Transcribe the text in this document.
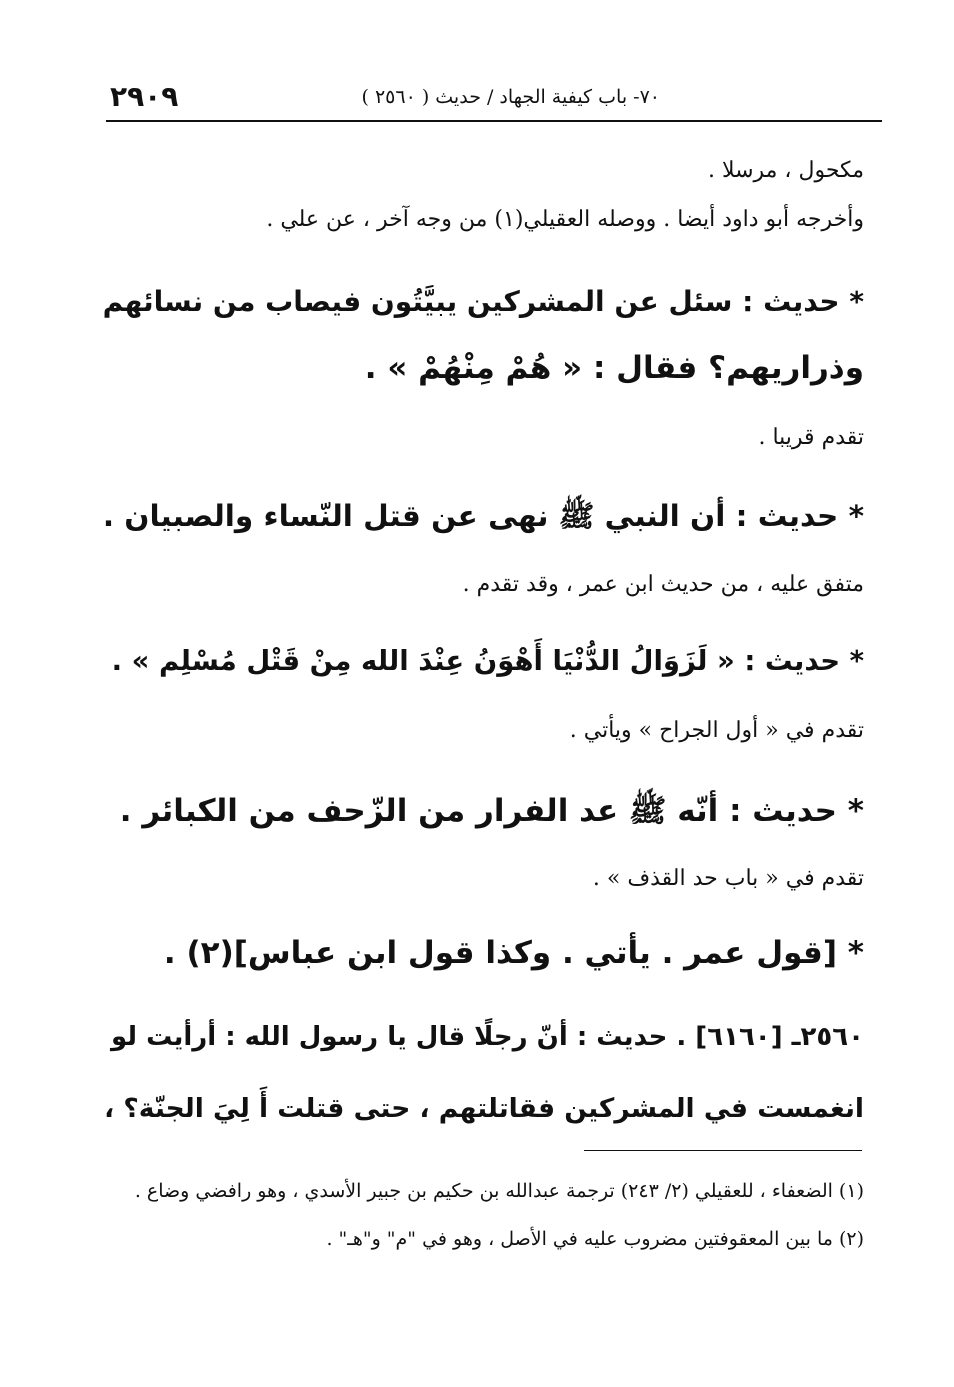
٧٠- باب كيفية الجهاد / حديث ( ٢٥٦٠ )
٢٩٠٩
مكحول ، مرسلا .
وأخرجه أبو داود أيضا . ووصله العقيلي(١) من وجه آخر ، عن علي .
* حديث : سئل عن المشركين يبيَّتُون فيصاب من نسائهم
وذراريهم؟ فقال : « هُمْ مِنْهُمْ » .
تقدم قريبا .
* حديث : أن النبي ﷺ نهى عن قتل النّساء والصبيان .
متفق عليه ، من حديث ابن عمر ، وقد تقدم .
* حديث : « لَزَوَالُ الدُّنْيَا أَهْوَنُ عِنْدَ الله مِنْ قَتْل مُسْلِم » .
تقدم في « أول الجراح » ويأتي .
* حديث : أنّه ﷺ عد الفرار من الزّحف من الكبائر .
تقدم في « باب حد القذف » .
* [قول عمر . يأتي . وكذا قول ابن عباس](٢) .
٢٥٦٠ـ [٦١٦٠] . حديث : أنّ رجلًا قال يا رسول الله : أرأيت لو
انغمست في المشركين فقاتلتهم ، حتى قتلت أَ لِيَ الجنّة؟ ،
(١) الضعفاء ، للعقيلي (٢/ ٢٤٣) ترجمة عبدالله بن حكيم بن جبير الأسدي ، وهو رافضي وضاع .
(٢) ما بين المعقوفتين مضروب عليه في الأصل ، وهو في "م" و"هـ" .
